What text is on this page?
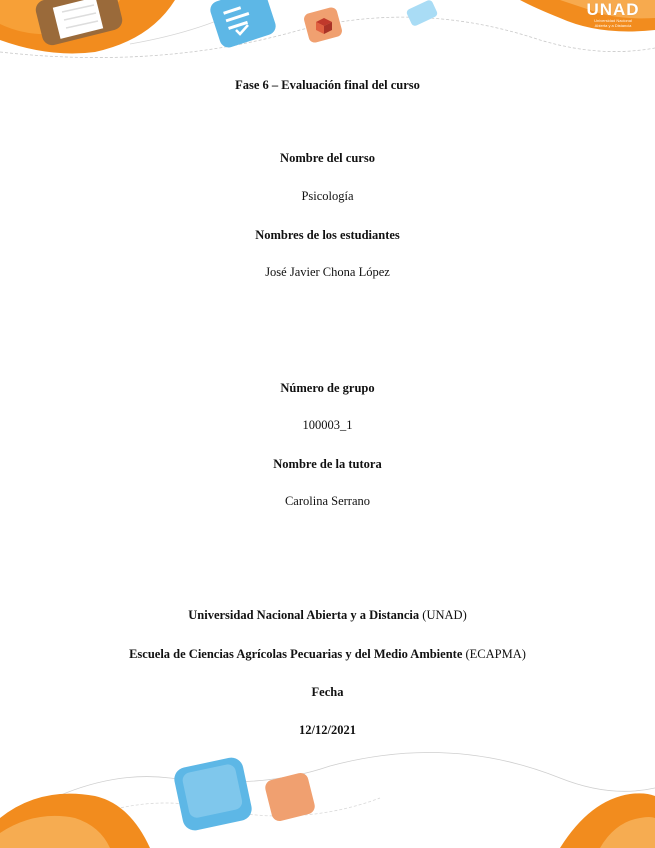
UNAD
Universidad Nacional
Abierta y a Distancia
Fase 6 – Evaluación final del curso
Nombre del curso
Psicología
Nombres de los estudiantes
José Javier Chona López
Número de grupo
100003_1
Nombre de la tutora
Carolina Serrano
Universidad Nacional Abierta y a Distancia (UNAD)
Escuela de Ciencias Agrícolas Pecuarias y del Medio Ambiente (ECAPMA)
Fecha
12/12/2021
